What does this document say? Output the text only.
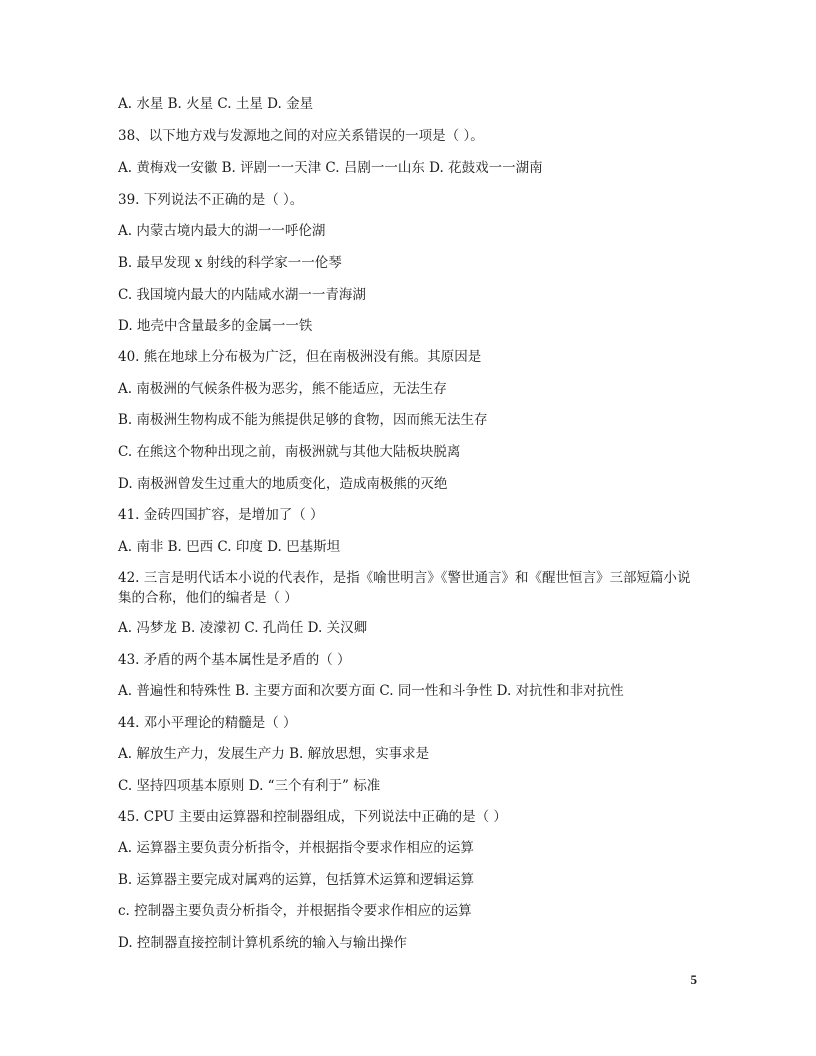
A. 水星 B. 火星 C. 土星 D. 金星
38、以下地方戏与发源地之间的对应关系错误的一项是（ ）。
A. 黄梅戏一安徽 B. 评剧一一天津 C. 吕剧一一山东 D. 花鼓戏一一湖南
39. 下列说法不正确的是（ ）。
A. 内蒙古境内最大的湖一一呼伦湖
B. 最早发现 x 射线的科学家一一伦琴
C. 我国境内最大的内陆咸水湖一一青海湖
D. 地壳中含量最多的金属一一铁
40. 熊在地球上分布极为广泛，但在南极洲没有熊。其原因是
A. 南极洲的气候条件极为恶劣，熊不能适应，无法生存
B. 南极洲生物构成不能为熊提供足够的食物，因而熊无法生存
C. 在熊这个物种出现之前，南极洲就与其他大陆板块脱离
D. 南极洲曾发生过重大的地质变化，造成南极熊的灭绝
41. 金砖四国扩容，是增加了（ ）
A. 南非 B. 巴西 C. 印度 D. 巴基斯坦
42. 三言是明代话本小说的代表作，是指《喻世明言》《警世通言》和《醒世恒言》三部短篇小说集的合称，他们的编者是（ ）
A. 冯梦龙 B. 凌濛初 C. 孔尚任 D. 关汉卿
43. 矛盾的两个基本属性是矛盾的（ ）
A. 普遍性和特殊性 B. 主要方面和次要方面 C. 同一性和斗争性 D. 对抗性和非对抗性
44. 邓小平理论的精髓是（ ）
A. 解放生产力，发展生产力 B. 解放思想，实事求是
C. 坚持四项基本原则 D. “三个有利于” 标准
45. CPU 主要由运算器和控制器组成，下列说法中正确的是（ ）
A. 运算器主要负责分析指令，并根据指令要求作相应的运算
B. 运算器主要完成对属鸡的运算，包括算术运算和逻辑运算
c. 控制器主要负责分析指令，并根据指令要求作相应的运算
D. 控制器直接控制计算机系统的输入与输出操作
5
